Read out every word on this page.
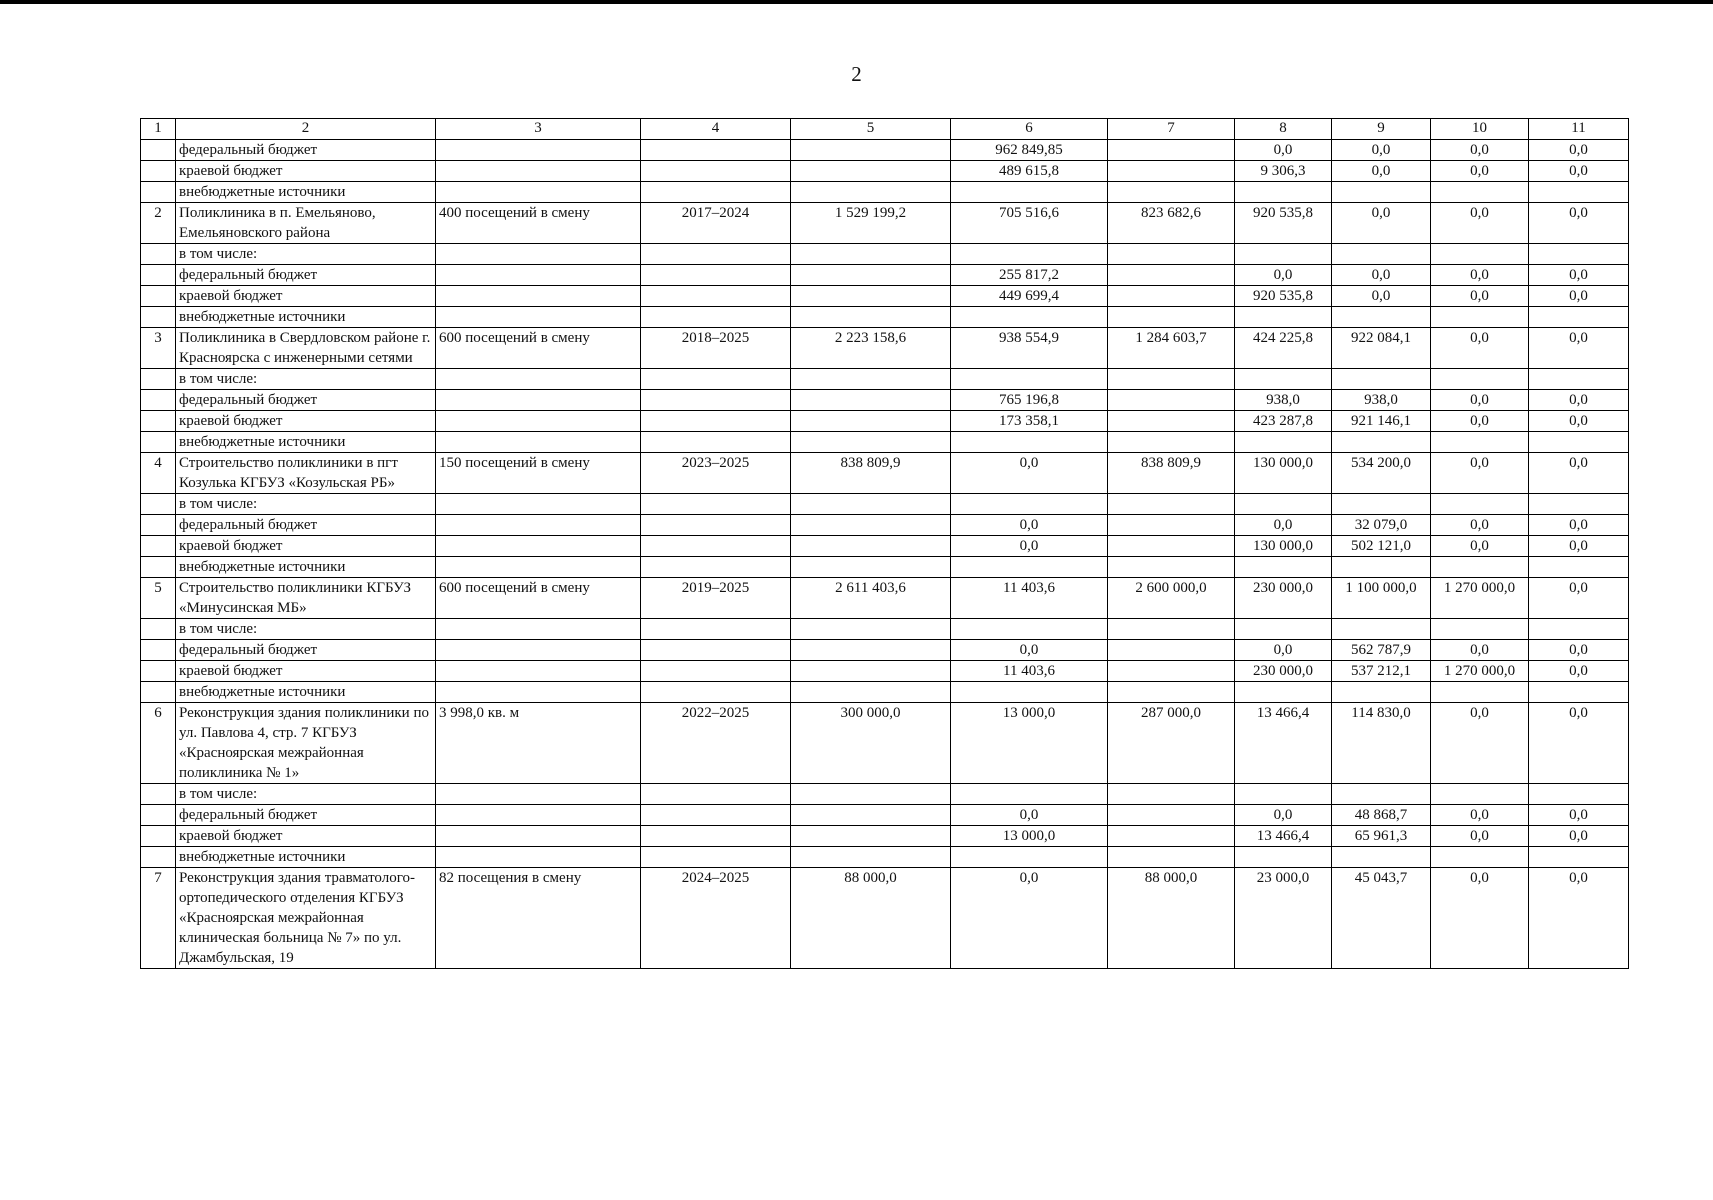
2
1	2	3	4	5	6	7	8	9	10	11
	федеральный бюджет				962 849,85		0,0	0,0	0,0	0,0
	краевой бюджет				489 615,8		9 306,3	0,0	0,0	0,0
	внебюджетные источники									
2	Поликлиника в п. Емельяново, Емельяновского района	400 посещений в смену	2017–2024	1 529 199,2	705 516,6	823 682,6	920 535,8	0,0	0,0	0,0
	в том числе:									
	федеральный бюджет				255 817,2		0,0	0,0	0,0	0,0
	краевой бюджет				449 699,4		920 535,8	0,0	0,0	0,0
	внебюджетные источники									
3	Поликлиника в Свердловском районе г. Красноярска с инженерными сетями	600 посещений в смену	2018–2025	2 223 158,6	938 554,9	1 284 603,7	424 225,8	922 084,1	0,0	0,0
	в том числе:									
	федеральный бюджет				765 196,8		938,0	938,0	0,0	0,0
	краевой бюджет				173 358,1		423 287,8	921 146,1	0,0	0,0
	внебюджетные источники									
4	Строительство поликлиники в пгт Козулька КГБУЗ «Козульская РБ»	150 посещений в смену	2023–2025	838 809,9	0,0	838 809,9	130 000,0	534 200,0	0,0	0,0
	в том числе:									
	федеральный бюджет				0,0		0,0	32 079,0	0,0	0,0
	краевой бюджет				0,0		130 000,0	502 121,0	0,0	0,0
	внебюджетные источники									
5	Строительство поликлиники КГБУЗ «Минусинская МБ»	600 посещений в смену	2019–2025	2 611 403,6	11 403,6	2 600 000,0	230 000,0	1 100 000,0	1 270 000,0	0,0
	в том числе:									
	федеральный бюджет				0,0		0,0	562 787,9	0,0	0,0
	краевой бюджет				11 403,6		230 000,0	537 212,1	1 270 000,0	0,0
	внебюджетные источники									
6	Реконструкция здания поликлиники по ул. Павлова 4, стр. 7 КГБУЗ «Красноярская межрайонная поликлиника № 1»	3 998,0 кв. м	2022–2025	300 000,0	13 000,0	287 000,0	13 466,4	114 830,0	0,0	0,0
	в том числе:									
	федеральный бюджет				0,0		0,0	48 868,7	0,0	0,0
	краевой бюджет				13 000,0		13 466,4	65 961,3	0,0	0,0
	внебюджетные источники									
7	Реконструкция здания травматолого-ортопедического отделения КГБУЗ «Красноярская межрайонная клиническая больница № 7» по ул. Джамбульская, 19	82 посещения в смену	2024–2025	88 000,0	0,0	88 000,0	23 000,0	45 043,7	0,0	0,0
